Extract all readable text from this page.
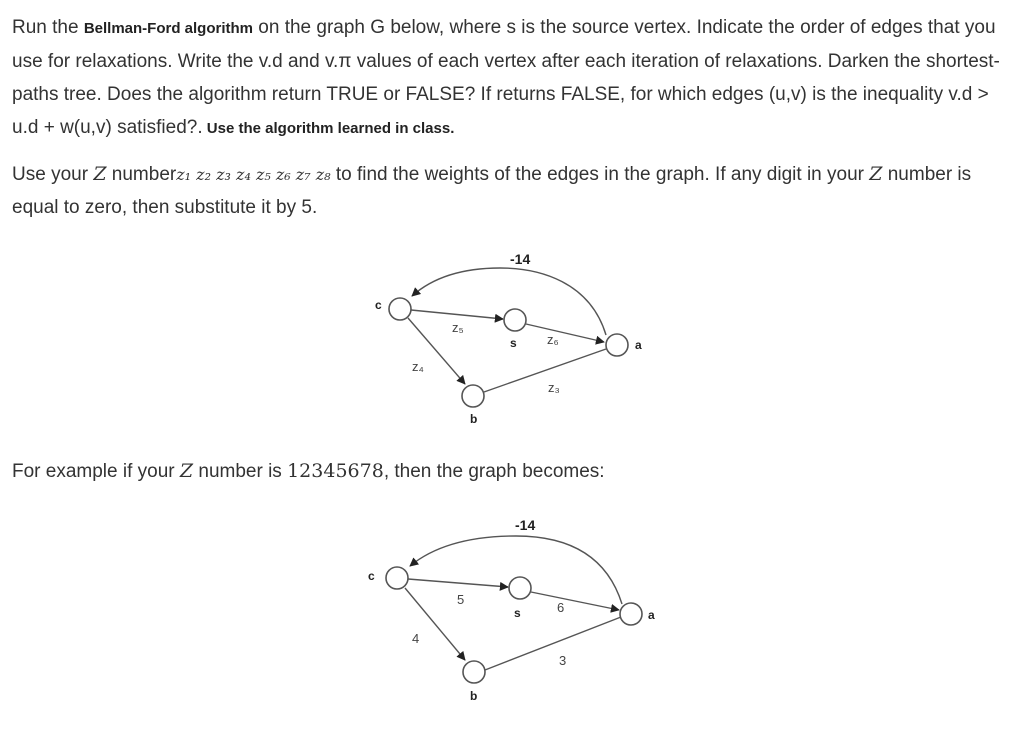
Run the Bellman-Ford algorithm on the graph G below, where s is the source vertex. Indicate the order of edges that you use for relaxations. Write the v.d and v.π values of each vertex after each iteration of relaxations. Darken the shortest-paths tree. Does the algorithm return TRUE or FALSE? If returns FALSE, for which edges (u,v) is the inequality v.d > u.d + w(u,v) satisfied?. Use the algorithm learned in class.

Use your Z numberz₁ z₂ z₃ z₄ z₅ z₆ z₇ z₈ to find the weights of the edges in the graph. If any digit in your Z number is equal to zero, then substitute it by 5.

c
s	a
b
-14
z₅
z₆
z₄
z₃
c
s	a
b
-14
5
6
4
3

For example if your Z number is 12345678, then the graph becomes:
